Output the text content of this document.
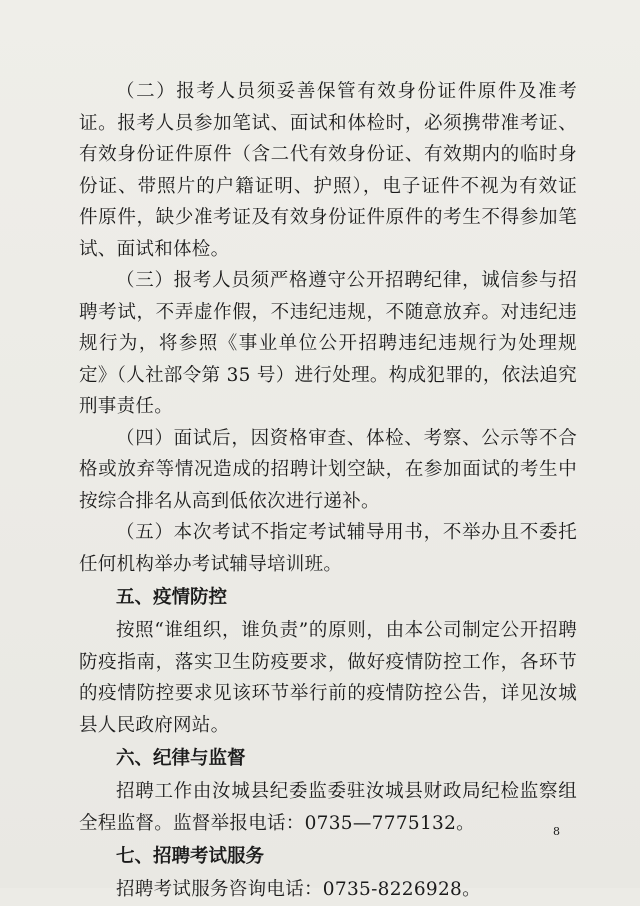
（二）报考人员须妥善保管有效身份证件原件及准考证。报考人员参加笔试、面试和体检时，必须携带准考证、有效身份证件原件（含二代有效身份证、有效期内的临时身份证、带照片的户籍证明、护照），电子证件不视为有效证件原件，缺少准考证及有效身份证件原件的考生不得参加笔试、面试和体检。

（三）报考人员须严格遵守公开招聘纪律，诚信参与招聘考试，不弄虚作假，不违纪违规，不随意放弃。对违纪违规行为，将参照《事业单位公开招聘违纪违规行为处理规定》（人社部令第 35 号）进行处理。构成犯罪的，依法追究刑事责任。

（四）面试后，因资格审查、体检、考察、公示等不合格或放弃等情况造成的招聘计划空缺，在参加面试的考生中按综合排名从高到低依次进行递补。

（五）本次考试不指定考试辅导用书，不举办且不委托任何机构举办考试辅导培训班。

五、疫情防控

按照“谁组织，谁负责”的原则，由本公司制定公开招聘防疫指南，落实卫生防疫要求，做好疫情防控工作，各环节的疫情防控要求见该环节举行前的疫情防控公告，详见汝城县人民政府网站。

六、纪律与监督

招聘工作由汝城县纪委监委驻汝城县财政局纪检监察组全程监督。监督举报电话：0735—7775132。

七、招聘考试服务

招聘考试服务咨询电话：0735-8226928。

8
